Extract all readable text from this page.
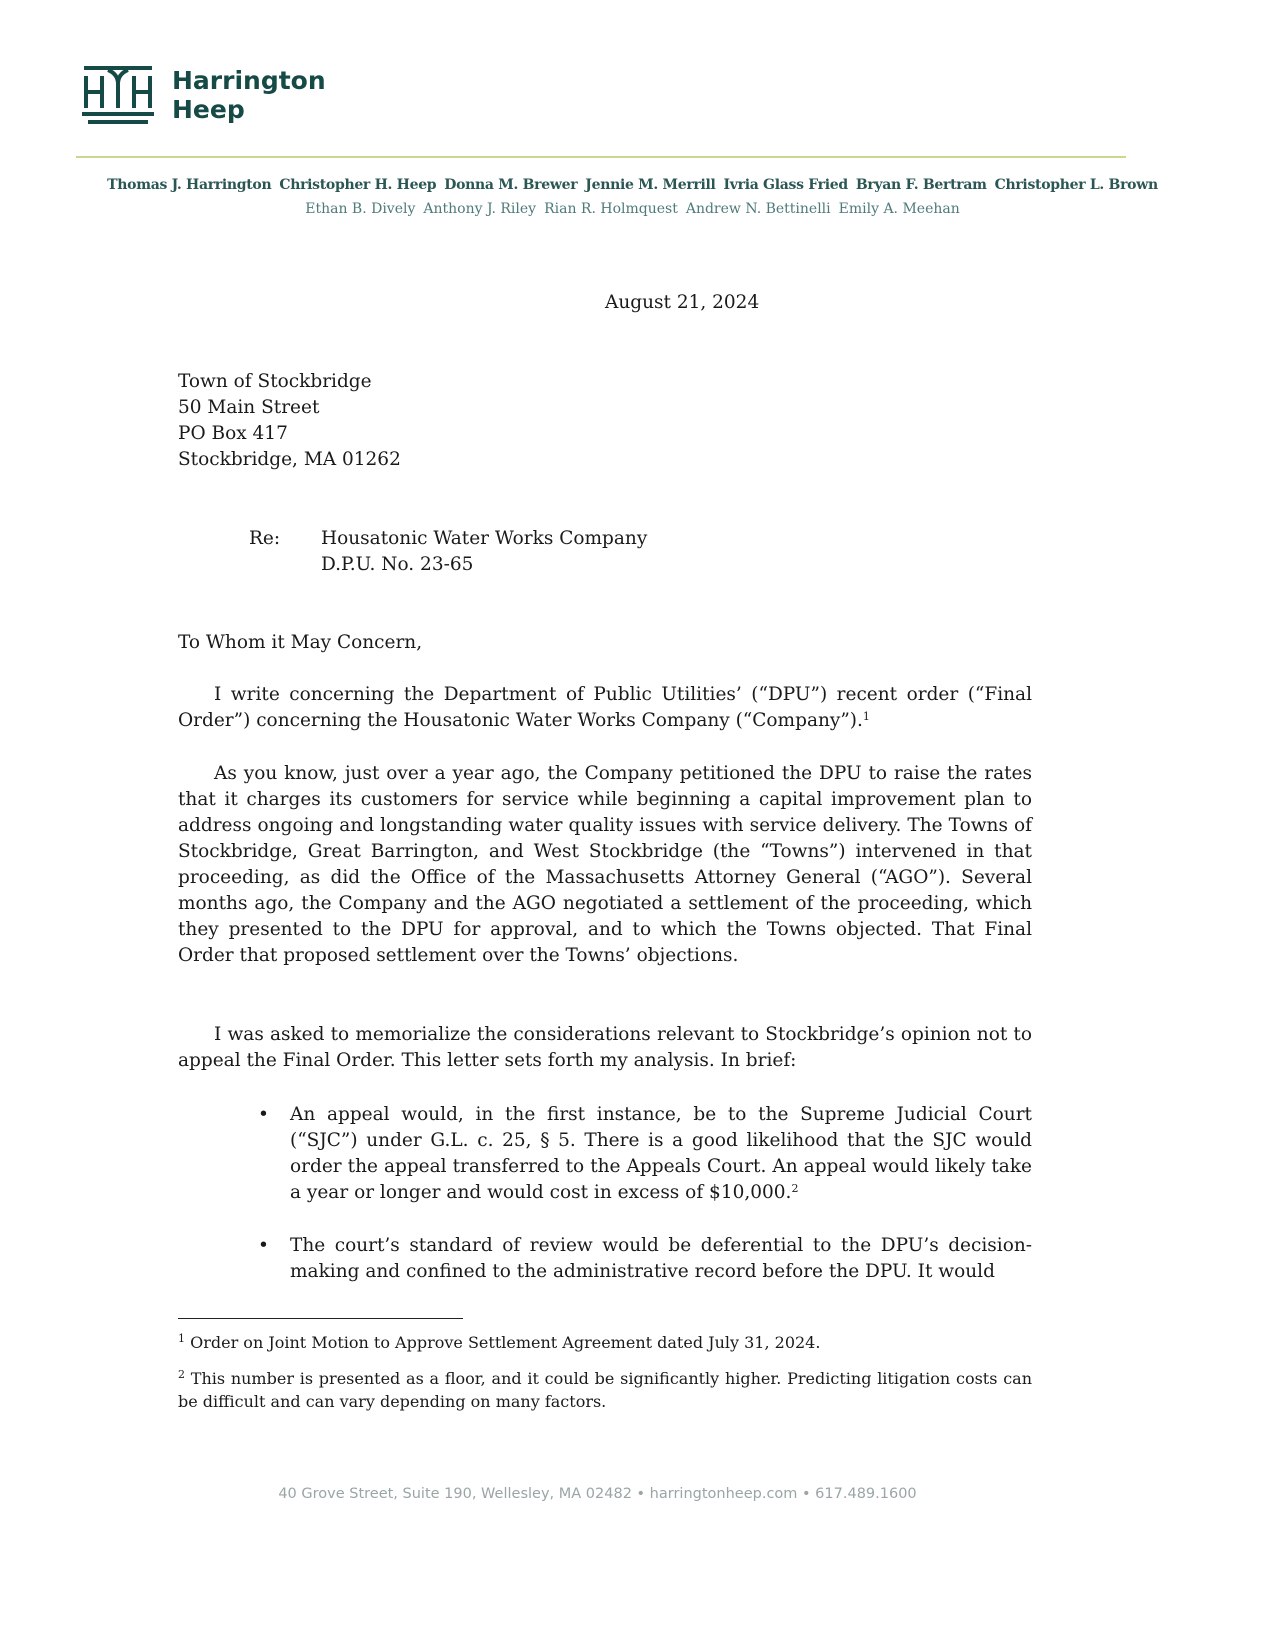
Harrington
Heep
Thomas J. Harrington Christopher H. Heep Donna M. Brewer Jennie M. Merrill Ivria Glass Fried Bryan F. Bertram Christopher L. Brown
Ethan B. Dively Anthony J. Riley Rian R. Holmquest Andrew N. Bettinelli Emily A. Meehan
August 21, 2024
Town of Stockbridge
50 Main Street
PO Box 417
Stockbridge, MA 01262
Re: Housatonic Water Works Company
D.P.U. No. 23-65
To Whom it May Concern,
I write concerning the Department of Public Utilities’ (“DPU”) recent order (“Final Order”) concerning the Housatonic Water Works Company (“Company”).$^1$
As you know, just over a year ago, the Company petitioned the DPU to raise the rates that it charges its customers for service while beginning a capital improvement plan to address ongoing and longstanding water quality issues with service delivery. The Towns of Stockbridge, Great Barrington, and West Stockbridge (the “Towns”) intervened in that proceeding, as did the Office of the Massachusetts Attorney General (“AGO”). Several months ago, the Company and the AGO negotiated a settlement of the proceeding, which they presented to the DPU for approval, and to which the Towns objected. That Final Order that proposed settlement over the Towns’ objections.
I was asked to memorialize the considerations relevant to Stockbridge’s opinion not to appeal the Final Order. This letter sets forth my analysis. In brief:
• An appeal would, in the first instance, be to the Supreme Judicial Court (“SJC”) under G.L. c. 25, § 5. There is a good likelihood that the SJC would order the appeal transferred to the Appeals Court. An appeal would likely take a year or longer and would cost in excess of $10,000.$^2$
• The court’s standard of review would be deferential to the DPU’s decision-making and confined to the administrative record before the DPU. It would
$^1$ Order on Joint Motion to Approve Settlement Agreement dated July 31, 2024.
$^2$ This number is presented as a floor, and it could be significantly higher. Predicting litigation costs can be difficult and can vary depending on many factors.
40 Grove Street, Suite 190, Wellesley, MA 02482 • harringtonheep.com • 617.489.1600
